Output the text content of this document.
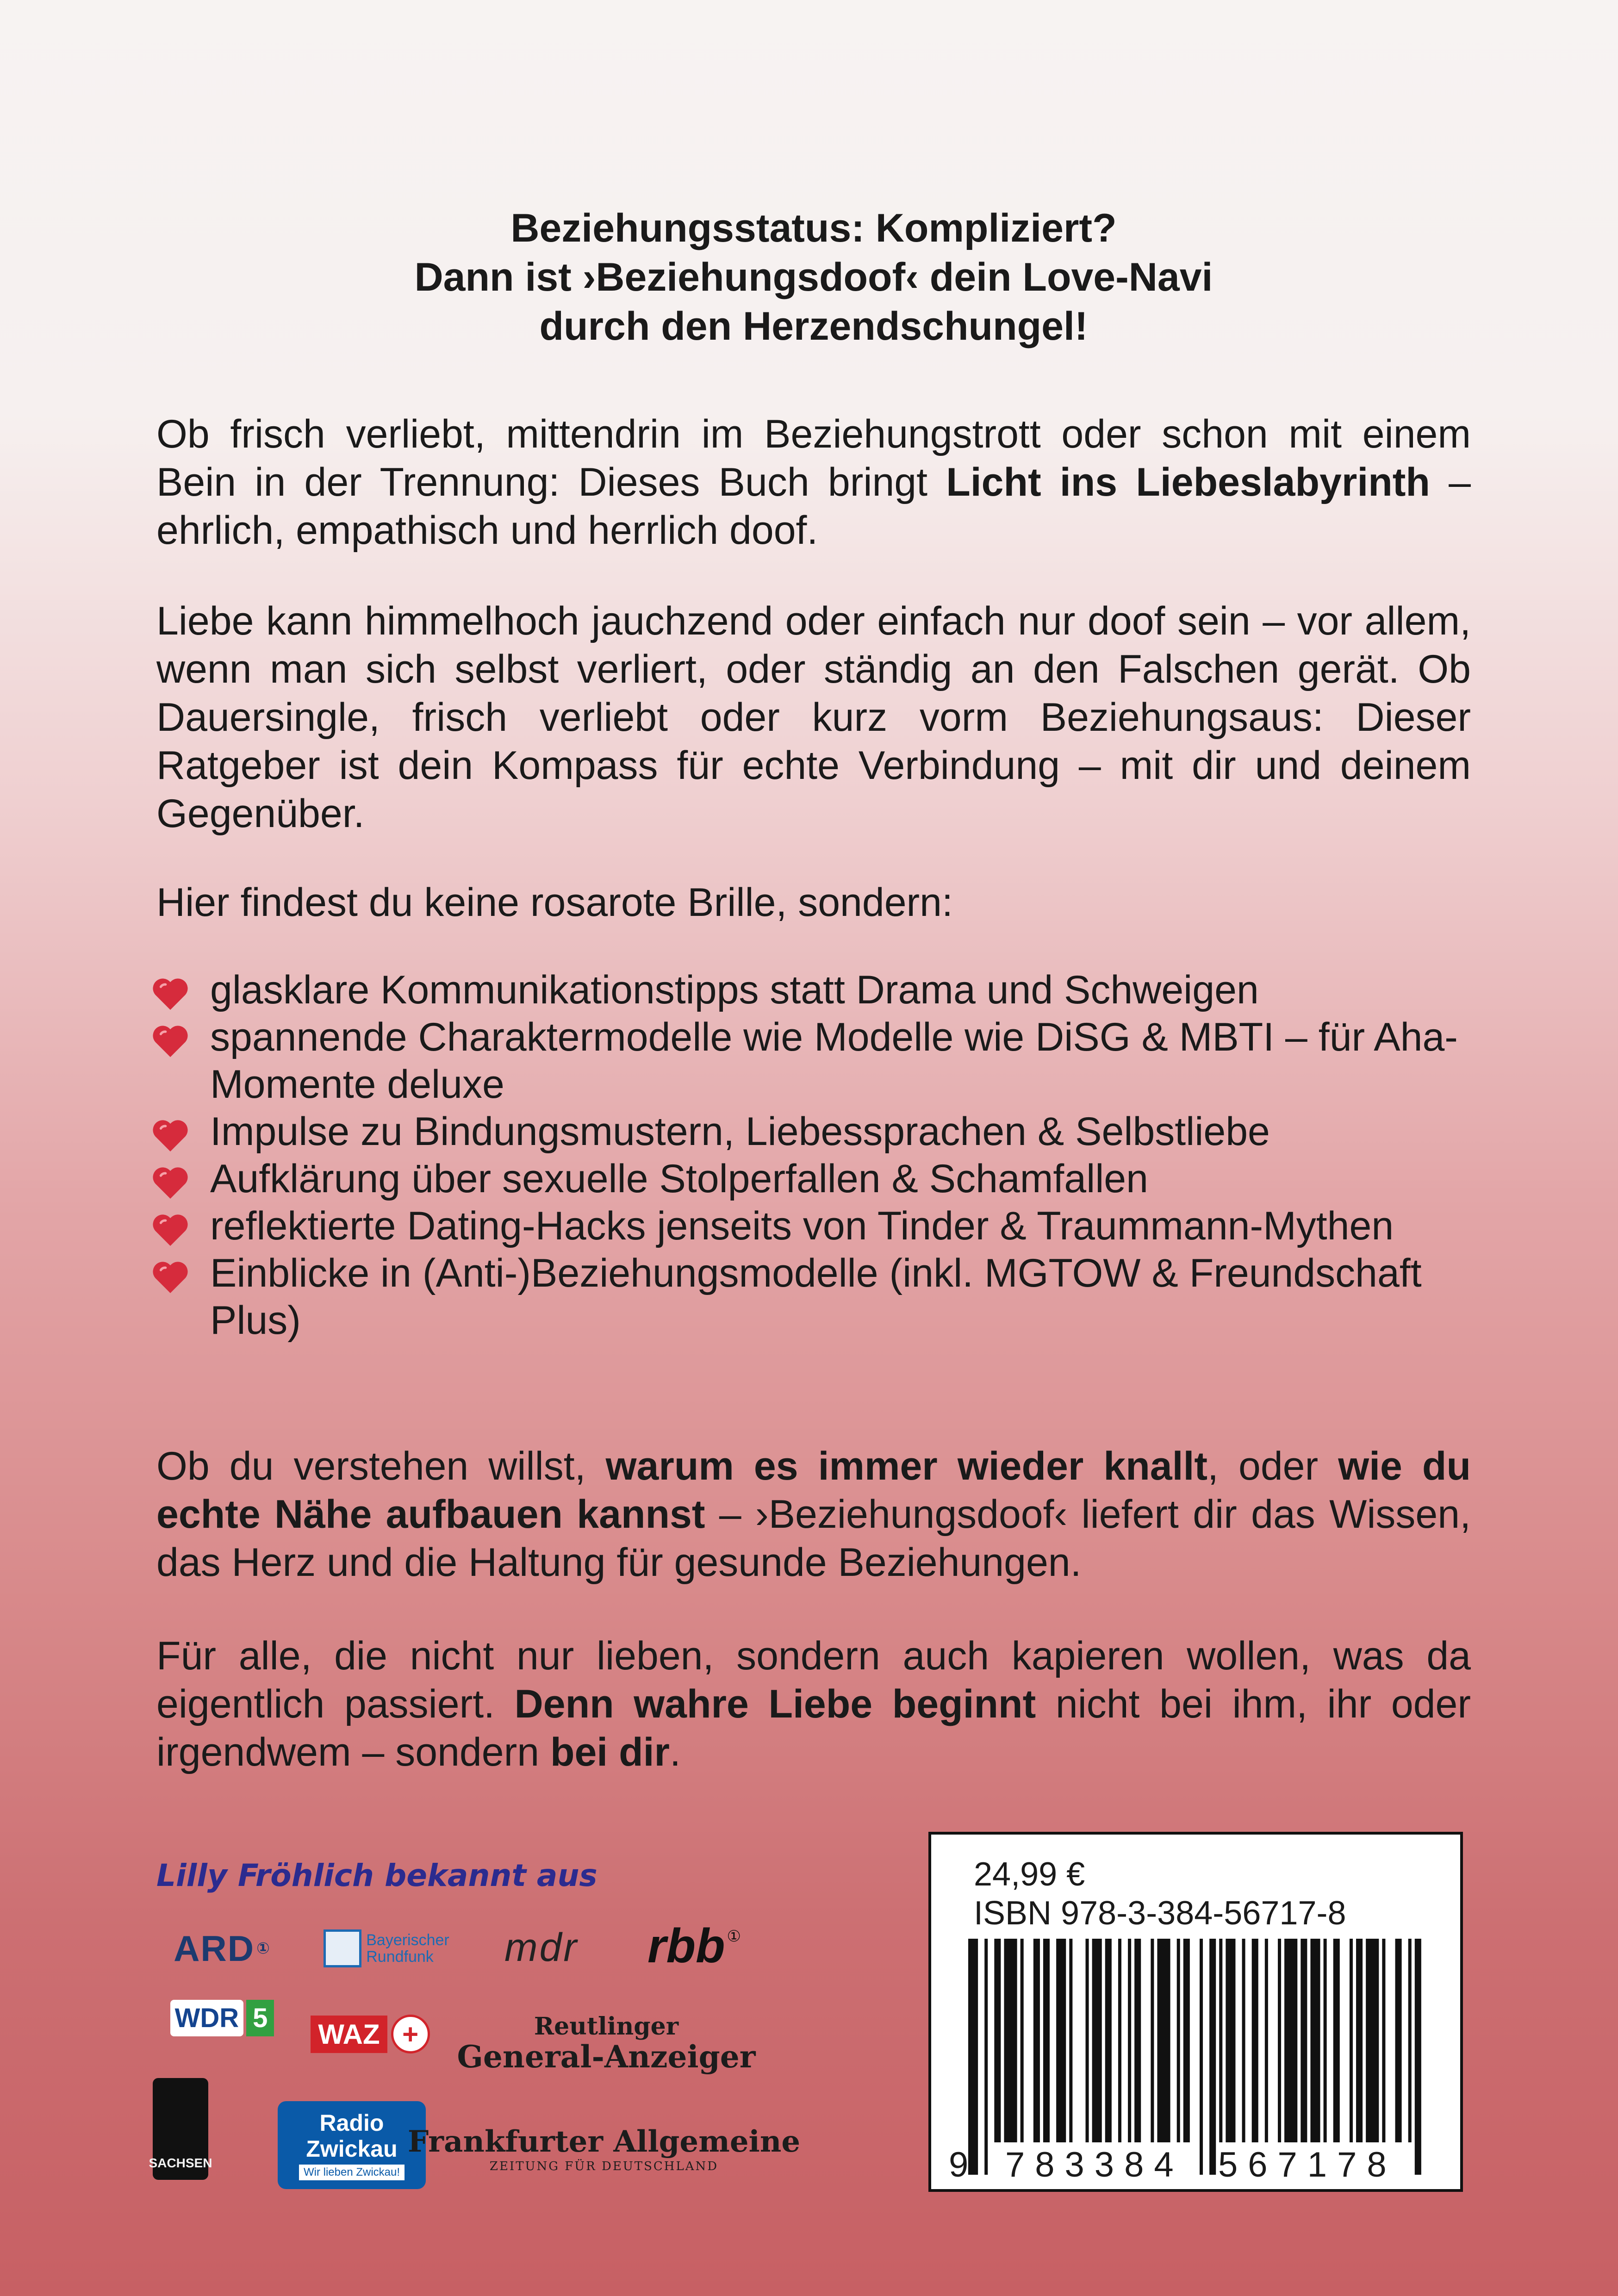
Beziehungsstatus: Kompliziert?
Dann ist ›Beziehungsdoof‹ dein Love-Navi
durch den Herzendschungel!

Ob frisch verliebt, mittendrin im Beziehungstrott oder schon mit einem Bein in der Trennung: Dieses Buch bringt Licht ins Liebeslabyrinth – ehrlich, empathisch und herrlich doof.

Liebe kann himmelhoch jauchzend oder einfach nur doof sein – vor allem, wenn man sich selbst verliert, oder ständig an den Falschen gerät. Ob Dauersingle, frisch verliebt oder kurz vorm Beziehungsaus: Dieser Ratgeber ist dein Kompass für echte Verbindung – mit dir und deinem Gegenüber.

Hier findest du keine rosarote Brille, sondern:

glasklare Kommunikationstipps statt Drama und Schweigen
spannende Charaktermodelle wie Modelle wie DiSG & MBTI – für Aha-Momente deluxe
Impulse zu Bindungsmustern, Liebessprachen & Selbstliebe
Aufklärung über sexuelle Stolperfallen & Schamfallen
reflektierte Dating-Hacks jenseits von Tinder & Traummann-Mythen
Einblicke in (Anti-)Beziehungsmodelle (inkl. MGTOW & Freundschaft Plus)

Ob du verstehen willst, warum es immer wieder knallt, oder wie du echte Nähe aufbauen kannst – ›Beziehungsdoof‹ liefert dir das Wissen, das Herz und die Haltung für gesunde Beziehungen.

Für alle, die nicht nur lieben, sondern auch kapieren wollen, was da eigentlich passiert. Denn wahre Liebe beginnt nicht bei ihm, ihr oder irgendwem – sondern bei dir.

Lilly Fröhlich bekannt aus
ARD ①	Bayerischer
Rundfunk	mdr	rbb ①
WDR 5
WAZ +	Reutlinger
General-Anzeiger
SACHSEN
Radio
Zwickau
Wir lieben Zwickau!
Frankfurter Allgemeine
ZEITUNG FÜR DEUTSCHLAND
24,99 €
ISBN 978-3-384-56717-8
9 783384 567178
